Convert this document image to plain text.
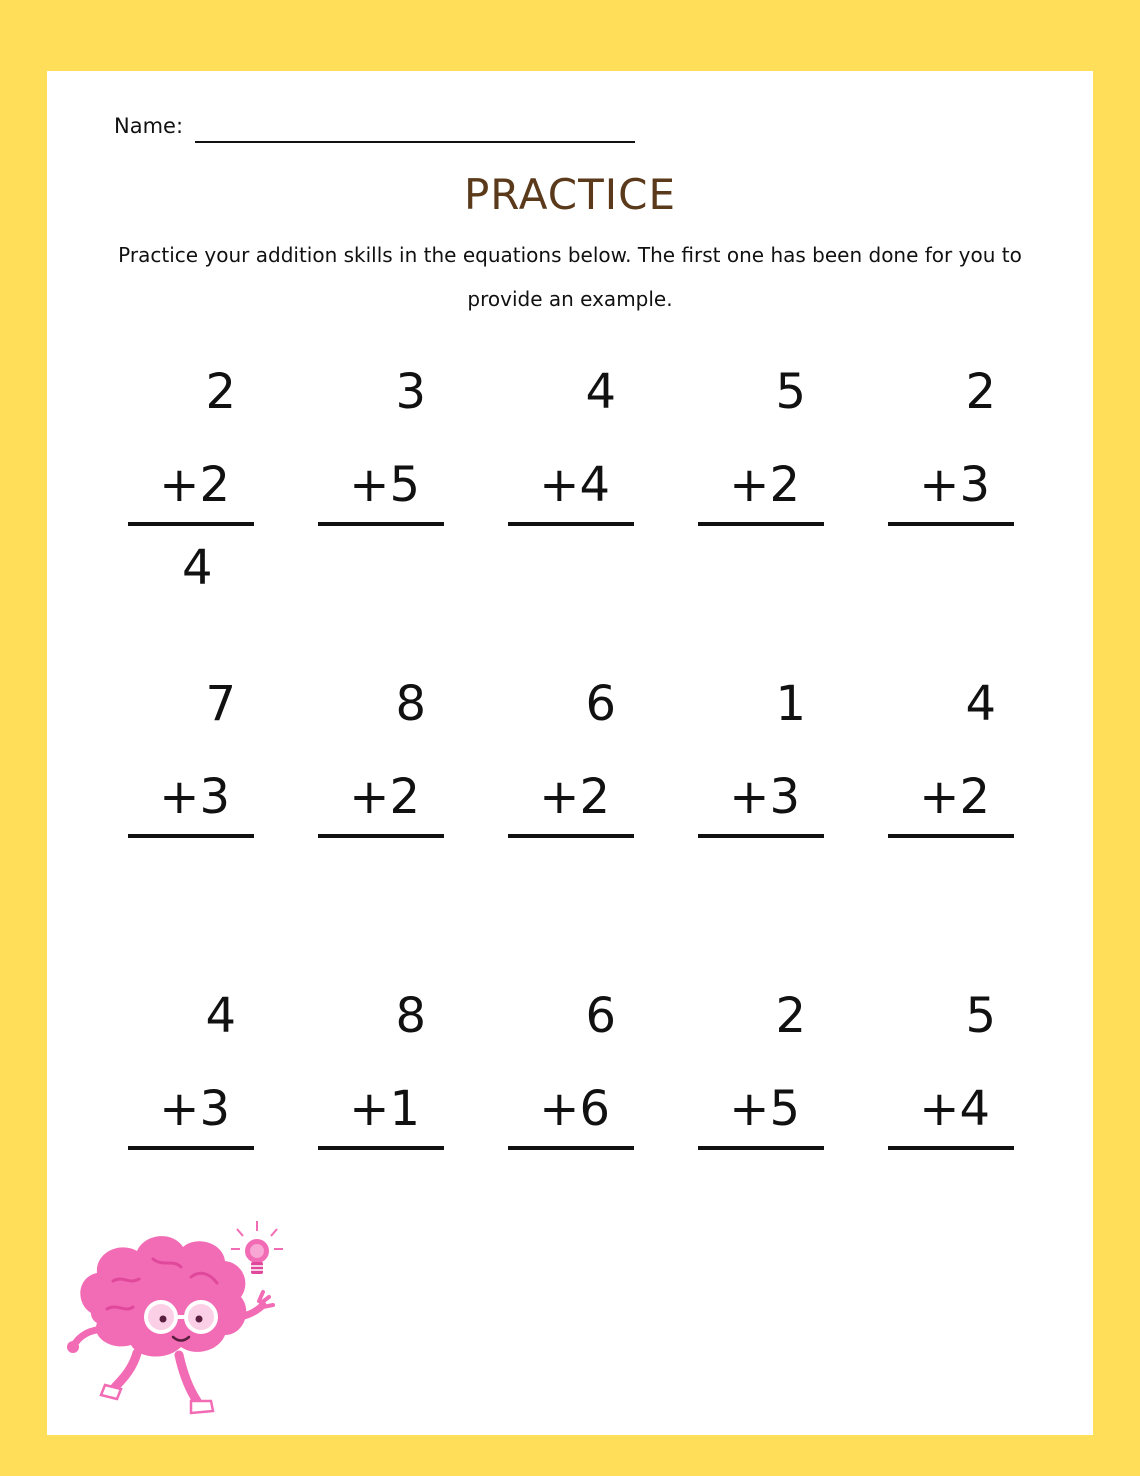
Name:
PRACTICE
Practice your addition skills in the equations below. The first one has been done for you to provide an example.
2
+2
4
3
+5
4
+4
5
+2
2
+3
7
+3
8
+2
6
+2
1
+3
4
+2
4
+3
8
+1
6
+6
2
+5
5
+4
